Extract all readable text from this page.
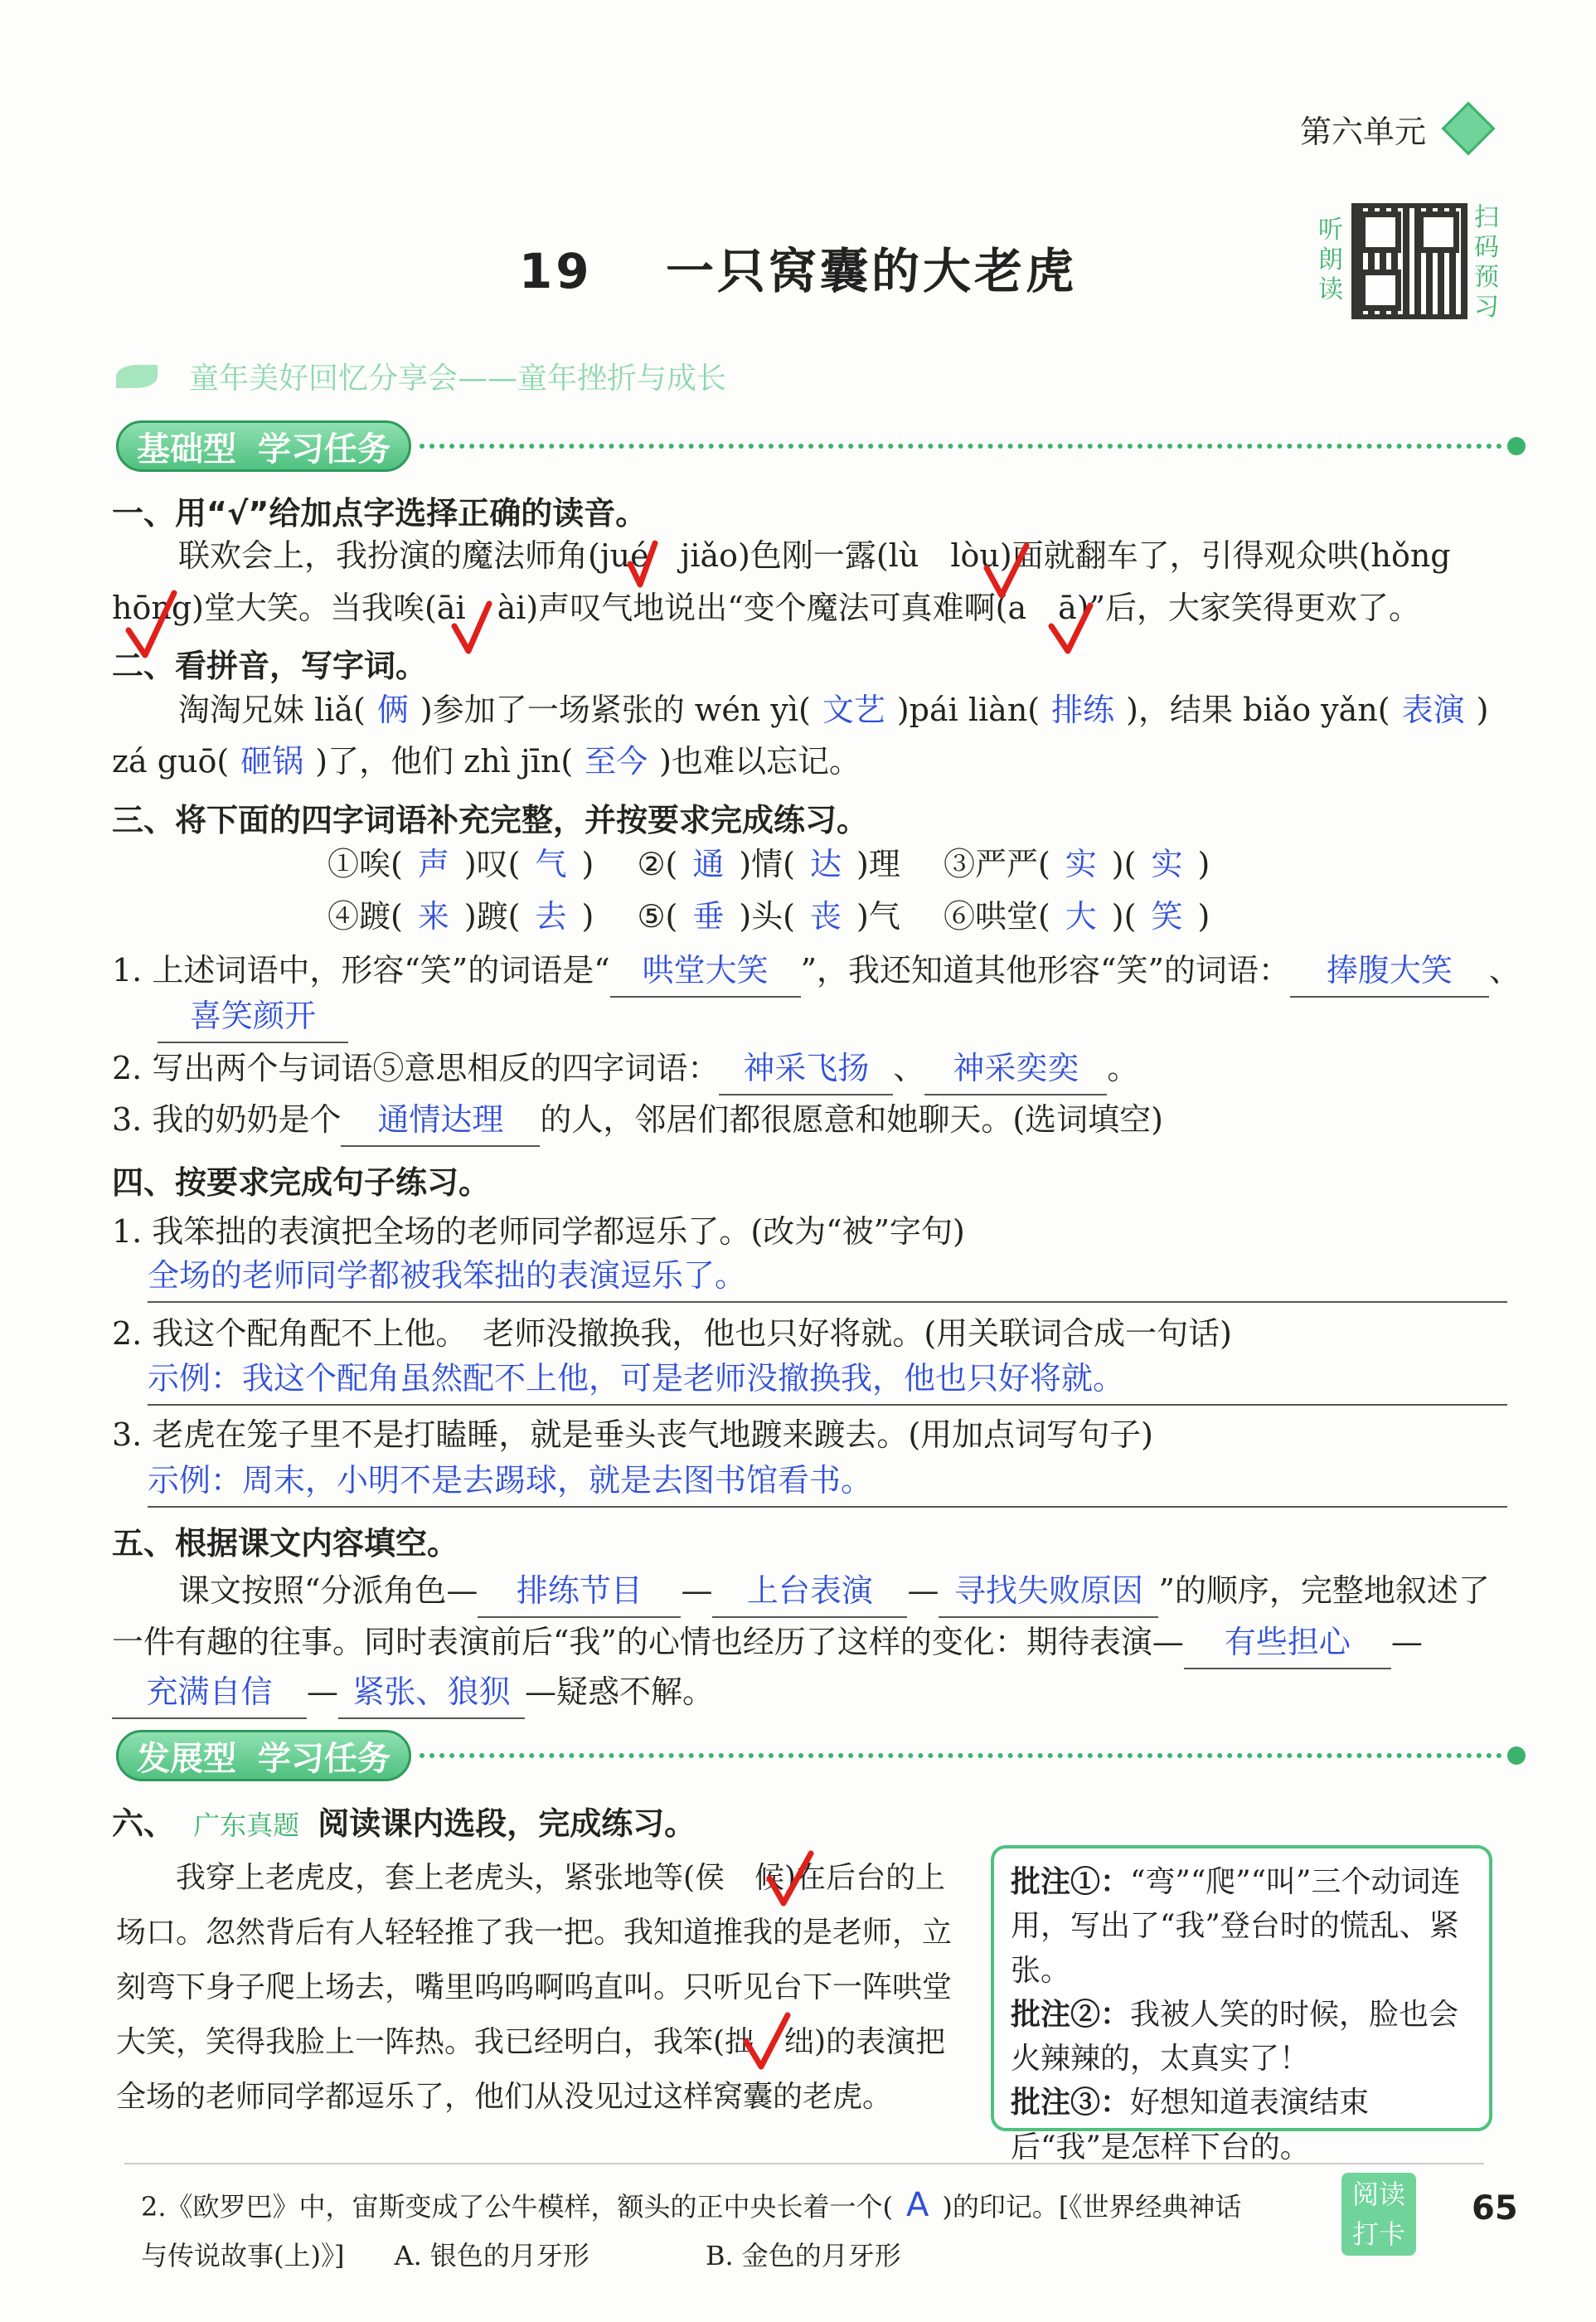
第六单元
听朗读
扫码预习
19 一只窝囊的大老虎
童年美好回忆分享会——童年挫折与成长
基础型 学习任务
一、用“√”给加点字选择正确的读音。
联欢会上，我扮演的魔法师角(jué　jiǎo)色刚一露(lù　lòu)面就翻车了，引得观众哄(hǒng
hōng)堂大笑。当我唉(āi　ài)声叹气地说出“变个魔法可真难啊(a　ā)”后，大家笑得更欢了。
二、看拼音，写字词。
淘淘兄妹 liǎ( 俩 )参加了一场紧张的 wén yì( 文艺 )pái liàn( 排练 )，结果 biǎo yǎn( 表演 )
zá guō( 砸锅 )了，他们 zhì jīn( 至今 )也难以忘记。
三、将下面的四字词语补充完整，并按要求完成练习。
①唉( 声 )叹( 气 ) ②( 通 )情( 达 )理 ③严严( 实 )( 实 )
④踱( 来 )踱( 去 ) ⑤( 垂 )头( 丧 )气 ⑥哄堂( 大 )( 笑 )
1. 上述词语中，形容“笑”的词语是“ 哄堂大笑 ”，我还知道其他形容“笑”的词语： 捧腹大笑 、
喜笑颜开
2. 写出两个与词语⑤意思相反的四字词语： 神采飞扬 、 神采奕奕 。
3. 我的奶奶是个 通情达理 的人，邻居们都很愿意和她聊天。(选词填空)
四、按要求完成句子练习。
1. 我笨拙的表演把全场的老师同学都逗乐了。(改为“被”字句)
全场的老师同学都被我笨拙的表演逗乐了。
2. 我这个配角配不上他。　老师没撤换我，他也只好将就。(用关联词合成一句话)
示例：我这个配角虽然配不上他，可是老师没撤换我，他也只好将就。
3. 老虎在笼子里不是打瞌睡，就是垂头丧气地踱来踱去。(用加点词写句子)
示例：周末，小明不是去踢球，就是去图书馆看书。
五、根据课文内容填空。
课文按照“分派角色— 排练节目 — 上台表演 — 寻找失败原因 ”的顺序，完整地叙述了
一件有趣的往事。同时表演前后“我”的心情也经历了这样的变化：期待表演— 有些担心 —
充满自信 — 紧张、狼狈 —疑惑不解。
发展型 学习任务
六、 广东真题 阅读课内选段，完成练习。
　　我穿上老虎皮，套上老虎头，紧张地等(侯　候)在后台的上
场口。忽然背后有人轻轻推了我一把。我知道推我的是老师，立
刻弯下身子爬上场去，嘴里呜呜啊呜直叫。只听见台下一阵哄堂
大笑，笑得我脸上一阵热。我已经明白，我笨(拙　绌)的表演把
全场的老师同学都逗乐了，他们从没见过这样窝囊的老虎。
批注①：“弯”“爬”“叫”三个动词连用，写出了“我”登台时的慌乱、紧张。
批注②：我被人笑的时候，脸也会火辣辣的，太真实了！
批注③：好想知道表演结束后“我”是怎样下台的。
2.《欧罗巴》中，宙斯变成了公牛模样，额头的正中央长着一个( A )的印记。[《世界经典神话
与传说故事(上)》] A. 银色的月牙形	B. 金色的月牙形
阅读打卡
65
